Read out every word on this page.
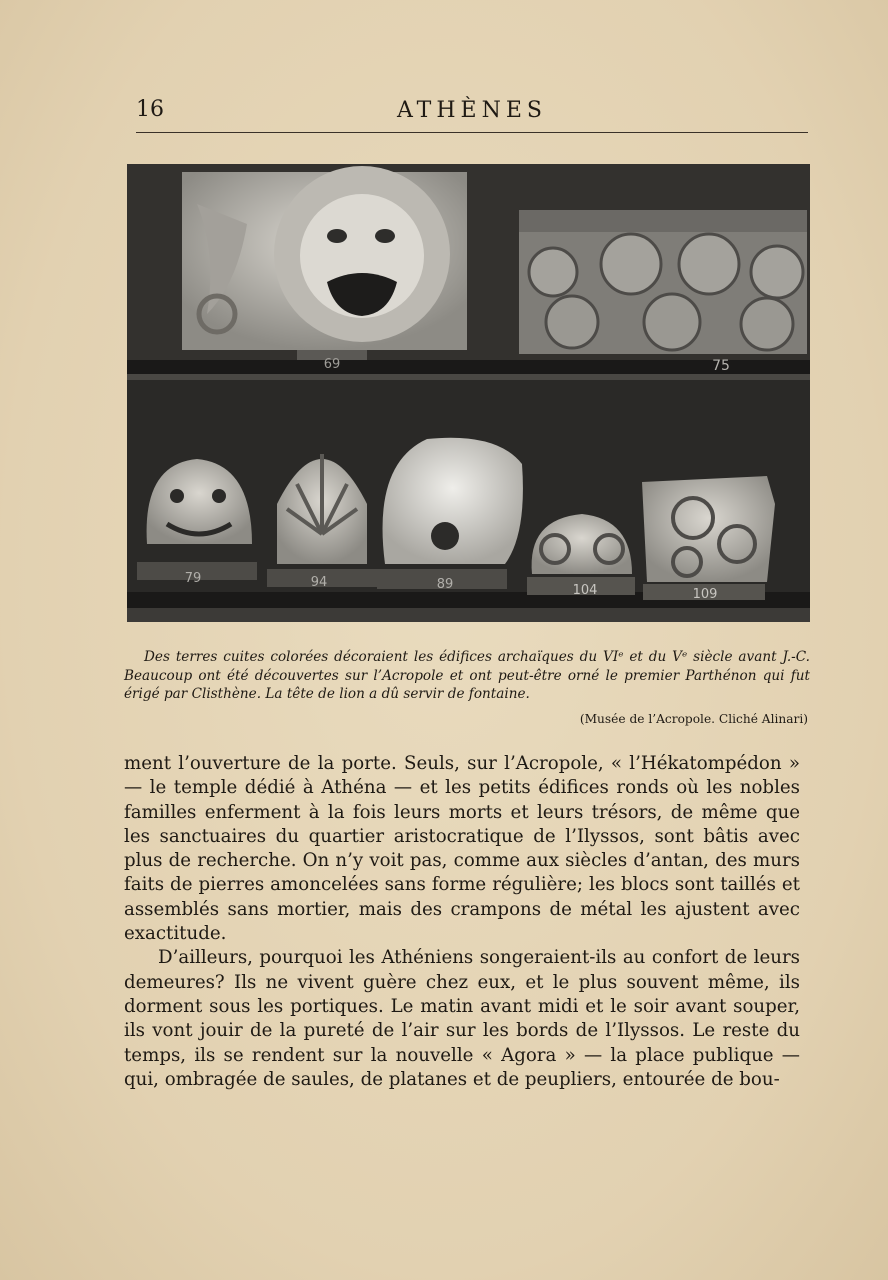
16	ATHÈNES
69	75
79	94	89	104	109
Des terres cuites colorées décoraient les édifices archaïques du VIᵉ et du Vᵉ siècle avant J.-C. Beaucoup ont été découvertes sur l’Acropole et ont peut-être orné le premier Parthénon qui fut érigé par Clisthène. La tête de lion a dû servir de fontaine.
(Musée de l’Acropole. Cliché Alinari)

ment l’ouverture de la porte. Seuls, sur l’Acropole, « l’Hékatompédon » — le temple dédié à Athéna — et les petits édifices ronds où les nobles familles enferment à la fois leurs morts et leurs trésors, de même que les sanctuaires du quartier aristocratique de l’Ilyssos, sont bâtis avec plus de recherche. On n’y voit pas, comme aux siècles d’antan, des murs faits de pierres amoncelées sans forme régulière; les blocs sont taillés et assemblés sans mortier, mais des crampons de métal les ajustent avec exactitude.

D’ailleurs, pourquoi les Athéniens songeraient-ils au confort de leurs demeures? Ils ne vivent guère chez eux, et le plus souvent même, ils dorment sous les portiques. Le matin avant midi et le soir avant souper, ils vont jouir de la pureté de l’air sur les bords de l’Ilyssos. Le reste du temps, ils se rendent sur la nouvelle « Agora » — la place publique — qui, ombragée de saules, de platanes et de peupliers, entourée de bou-
